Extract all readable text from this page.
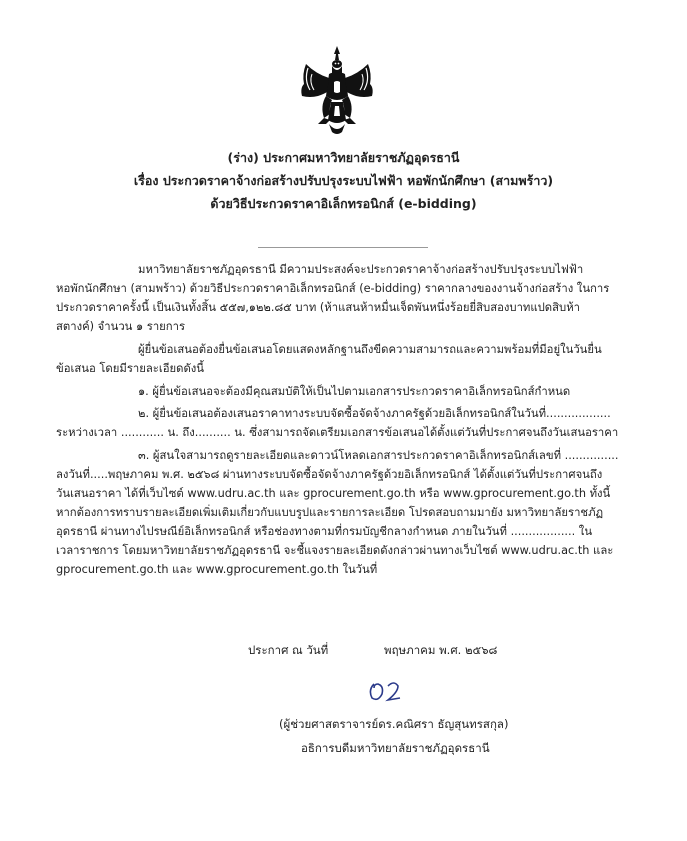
(ร่าง) ประกาศมหาวิทยาลัยราชภัฏอุดรธานี
เรื่อง ประกวดราคาจ้างก่อสร้างปรับปรุงระบบไฟฟ้า หอพักนักศึกษา (สามพร้าว)
ด้วยวิธีประกวดราคาอิเล็กทรอนิกส์ (e-bidding)
มหาวิทยาลัยราชภัฏอุดรธานี มีความประสงค์จะประกวดราคาจ้างก่อสร้างปรับปรุงระบบไฟฟ้า
หอพักนักศึกษา (สามพร้าว) ด้วยวิธีประกวดราคาอิเล็กทรอนิกส์ (e-bidding) ราคากลางของงานจ้างก่อสร้าง ในการ
ประกวดราคาครั้งนี้ เป็นเงินทั้งสิ้น ๕๕๗,๑๒๒.๘๕ บาท (ห้าแสนห้าหมื่นเจ็ดพันหนึ่งร้อยยี่สิบสองบาทแปดสิบห้า
สตางค์) จำนวน ๑ รายการ
ผู้ยื่นข้อเสนอต้องยื่นข้อเสนอโดยแสดงหลักฐานถึงขีดความสามารถและความพร้อมที่มีอยู่ในวันยื่น
ข้อเสนอ โดยมีรายละเอียดดังนี้
๑. ผู้ยื่นข้อเสนอจะต้องมีคุณสมบัติให้เป็นไปตามเอกสารประกวดราคาอิเล็กทรอนิกส์กำหนด
๒. ผู้ยื่นข้อเสนอต้องเสนอราคาทางระบบจัดซื้อจัดจ้างภาครัฐด้วยอิเล็กทรอนิกส์ในวันที่..................
ระหว่างเวลา ............ น. ถึง.......... น. ซึ่งสามารถจัดเตรียมเอกสารข้อเสนอได้ตั้งแต่วันที่ประกาศจนถึงวันเสนอราคา
๓. ผู้สนใจสามารถดูรายละเอียดและดาวน์โหลดเอกสารประกวดราคาอิเล็กทรอนิกส์เลขที่ ...............
ลงวันที่.....พฤษภาคม พ.ศ. ๒๕๖๘ ผ่านทางระบบจัดซื้อจัดจ้างภาครัฐด้วยอิเล็กทรอนิกส์ ได้ตั้งแต่วันที่ประกาศจนถึง
วันเสนอราคา ได้ที่เว็บไซต์ www.udru.ac.th และ gprocurement.go.th หรือ www.gprocurement.go.th ทั้งนี้
หากต้องการทราบรายละเอียดเพิ่มเติมเกี่ยวกับแบบรูปและรายการละเอียด โปรดสอบถามมายัง มหาวิทยาลัยราชภัฏ
อุดรธานี ผ่านทางไปรษณีย์อิเล็กทรอนิกส์ หรือช่องทางตามที่กรมบัญชีกลางกำหนด ภายในวันที่ .................. ใน
เวลาราชการ โดยมหาวิทยาลัยราชภัฏอุดรธานี จะชี้แจงรายละเอียดดังกล่าวผ่านทางเว็บไซต์ www.udru.ac.th และ
gprocurement.go.th และ www.gprocurement.go.th ในวันที่
ประกาศ ณ วันที่	พฤษภาคม พ.ศ. ๒๕๖๘
(ผู้ช่วยศาสตราจารย์ดร.คณิศรา ธัญสุนทรสกุล)
อธิการบดีมหาวิทยาลัยราชภัฏอุดรธานี
